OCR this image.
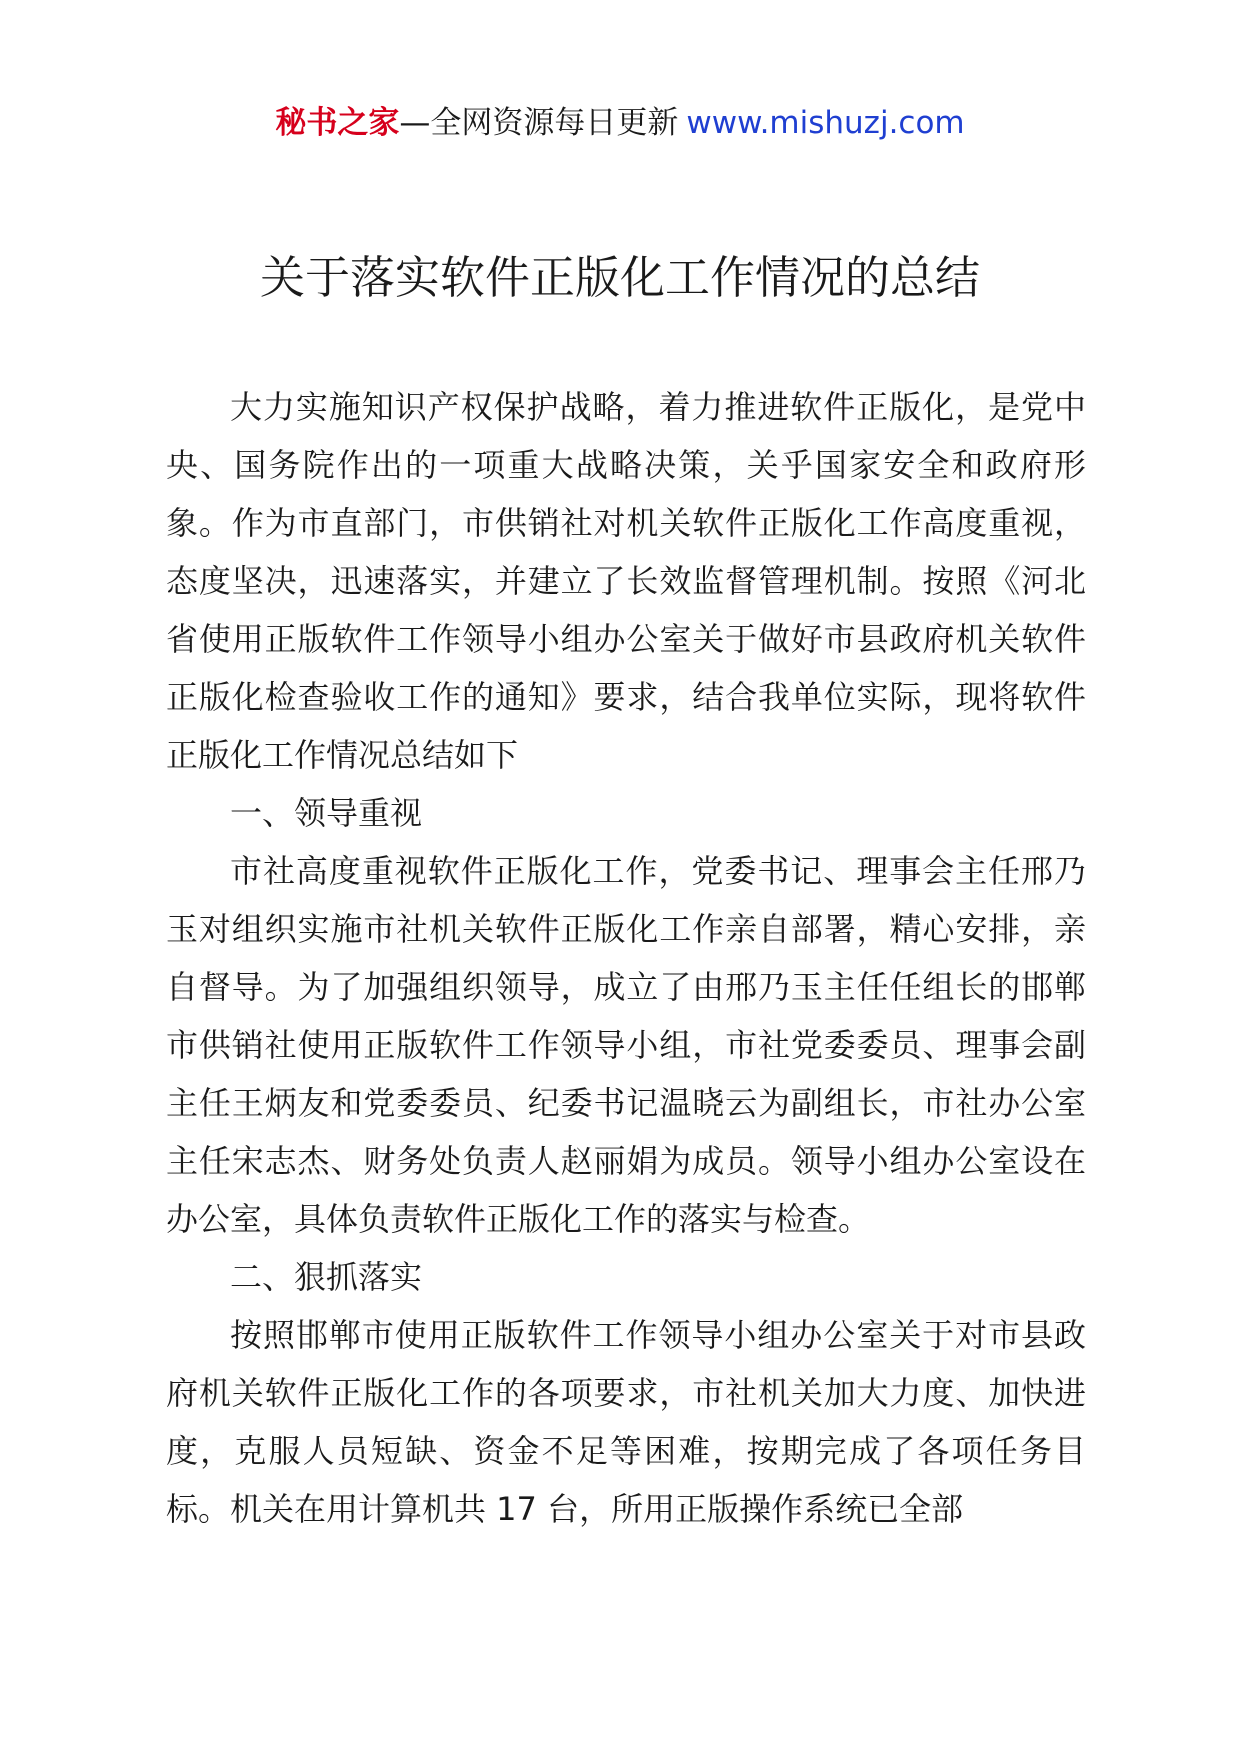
秘书之家—全网资源每日更新 www.mishuzj.com
关于落实软件正版化工作情况的总结

大力实施知识产权保护战略，着力推进软件正版化，是党中央、国务院作出的一项重大战略决策，关乎国家安全和政府形象。作为市直部门，市供销社对机关软件正版化工作高度重视，态度坚决，迅速落实，并建立了长效监督管理机制。按照《河北省使用正版软件工作领导小组办公室关于做好市县政府机关软件正版化检查验收工作的通知》要求，结合我单位实际，现将软件正版化工作情况总结如下

一、领导重视

市社高度重视软件正版化工作，党委书记、理事会主任邢乃玉对组织实施市社机关软件正版化工作亲自部署，精心安排，亲自督导。为了加强组织领导，成立了由邢乃玉主任任组长的邯郸市供销社使用正版软件工作领导小组，市社党委委员、理事会副主任王炳友和党委委员、纪委书记温晓云为副组长，市社办公室主任宋志杰、财务处负责人赵丽娟为成员。领导小组办公室设在办公室，具体负责软件正版化工作的落实与检查。

二、狠抓落实

按照邯郸市使用正版软件工作领导小组办公室关于对市县政府机关软件正版化工作的各项要求，市社机关加大力度、加快进度，克服人员短缺、资金不足等困难，按期完成了各项任务目标。机关在用计算机共 17 台，所用正版操作系统已全部
